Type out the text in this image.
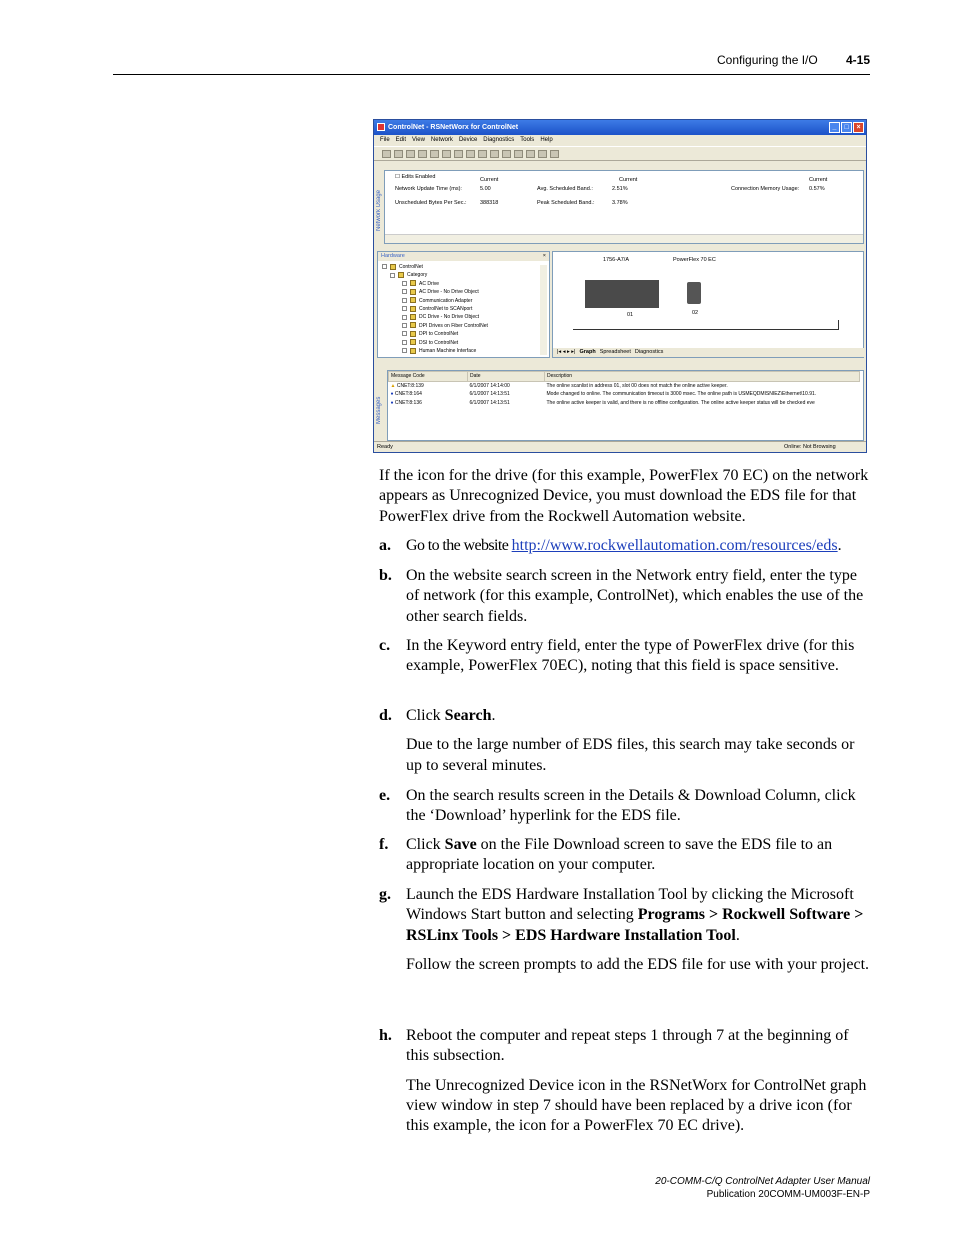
Configuring the I/O 4-15
ControlNet - RSNetWorx for ControlNet	_	□	×
File Edit View Network Device Diagnostics Tools Help
☐ Edits Enabled	Current	Current	Current
Network Update Time (ms):	5.00	Avg. Scheduled Band.:	2.51%	Connection Memory Usage: 0.57%
Unscheduled Bytes Per Sec.: 388318	Peak Scheduled Band.:	3.78%
Network Usage
Hardware	×
ControlNet
Category
AC Drive
AC Drive - No Drive Object
Communication Adapter
ControlNet to SCANport
DC Drive - No Drive Object
DPI Drives on Fiber ControlNet
DPI to ControlNet
DSI to ControlNet
Human Machine Interface
1756-A7/A	PowerFlex 70 EC
01	02
|◂ ◂ ▸ ▸| Graph Spreadsheet Diagnostics
Message Code	Date	Description
▲ CNET:8:139	6/1/2007 14:14:00	The online scanlist in address 01, slot 00 does not match the online active keeper.
● CNET:8:164	6/1/2007 14:13:51	Mode changed to online. The communication timeout is 3000 msec. The online path is USMEQDMISNIEZ\Ethernet\10.91.
● CNET:8:136	6/1/2007 14:13:51	The online active keeper is valid, and there is no offline configuration. The online active keeper status will be checked eve
Messages
Ready	Online: Not Browsing
If the icon for the drive (for this example, PowerFlex 70 EC) on the network appears as Unrecognized Device, you must download the EDS file for that PowerFlex drive from the Rockwell Automation website.
a. Go to the website http://www.rockwellautomation.com/resources/eds.
b. On the website search screen in the Network entry field, enter the type of network (for this example, ControlNet), which enables the use of the other search fields.
c. In the Keyword entry field, enter the type of PowerFlex drive (for this example, PowerFlex 70EC), noting that this field is space sensitive.
d. Click Search.
Due to the large number of EDS files, this search may take seconds or up to several minutes.
e. On the search results screen in the Details & Download Column, click the ‘Download’ hyperlink for the EDS file.
f. Click Save on the File Download screen to save the EDS file to an appropriate location on your computer.
g. Launch the EDS Hardware Installation Tool by clicking the Microsoft Windows Start button and selecting Programs > Rockwell Software > RSLinx Tools > EDS Hardware Installation Tool.
Follow the screen prompts to add the EDS file for use with your project.
h. Reboot the computer and repeat steps 1 through 7 at the beginning of this subsection.
The Unrecognized Device icon in the RSNetWorx for ControlNet graph view window in step 7 should have been replaced by a drive icon (for this example, the icon for a PowerFlex 70 EC drive).
20-COMM-C/Q ControlNet Adapter User Manual
Publication 20COMM-UM003F-EN-P
